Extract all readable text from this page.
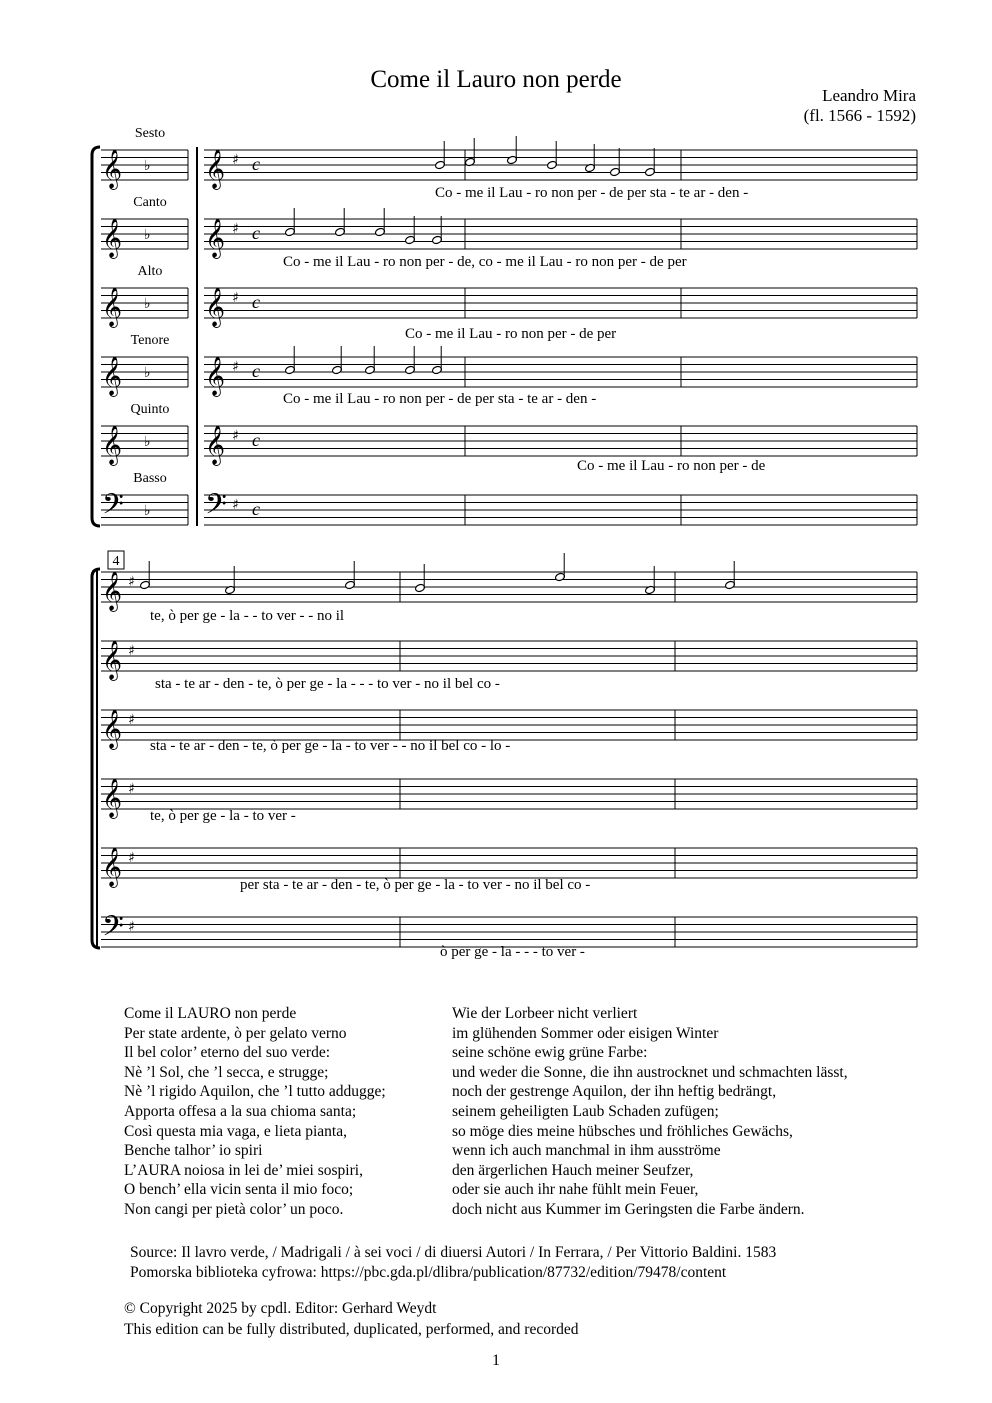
Come il Lauro non perde
Leandro Mira
(fl. 1566 - 1592)
𝄞 ♭
Sesto
𝄞 ♯ c
𝄞 ♭
Canto
𝄞 ♯ c
𝄞 ♭
Alto
𝄞 ♯ c
𝄞 ♭
Tenore
𝄞 ♯ c
𝄞 ♭
Quinto
𝄞 ♯ c
𝄢 ♭
Basso
𝄢 ♯ c
Co - me il Lau - ro non per - de per sta - te ar - den -
Co - me il Lau - ro non per - de, co - me il Lau - ro non per - de per
Co - me il Lau - ro non per - de per
Co - me il Lau - ro non per - de per sta - te ar - den -
Co - me il Lau - ro non per - de
4
𝄞 ♯
𝄞 ♯
𝄞 ♯
𝄞 ♯
𝄞 ♯
𝄢 ♯
te, ò per ge - la - - to ver - - no il
sta - te ar - den - te, ò per ge - la - - - to ver - no il bel co -
sta - te ar - den - te, ò per ge - la - to ver - - no il bel co - lo -
te, ò per ge - la - to ver -
per sta - te ar - den - te, ò per ge - la - to ver - no il bel co -
ò per ge - la - - - to ver -
Come il LAURO non perde
Per state ardente, ò per gelato verno
Il bel color’ eterno del suo verde:
Nè ’l Sol, che ’l secca, e strugge;
Nè ’l rigido Aquilon, che ’l tutto addugge;
Apporta offesa a la sua chioma santa;
Così questa mia vaga, e lieta pianta,
Benche talhor’ io spiri
L’AURA noiosa in lei de’ miei sospiri,
O bench’ ella vicin senta il mio foco;
Non cangi per pietà color’ un poco.
Wie der Lorbeer nicht verliert
im glühenden Sommer oder eisigen Winter
seine schöne ewig grüne Farbe:
und weder die Sonne, die ihn austrocknet und schmachten lässt,
noch der gestrenge Aquilon, der ihn heftig bedrängt,
seinem geheiligten Laub Schaden zufügen;
so möge dies meine hübsches und fröhliches Gewächs,
wenn ich auch manchmal in ihm ausströme
den ärgerlichen Hauch meiner Seufzer,
oder sie auch ihr nahe fühlt mein Feuer,
doch nicht aus Kummer im Geringsten die Farbe ändern.
Source: Il lavro verde, / Madrigali / à sei voci / di diuersi Autori / In Ferrara, / Per Vittorio Baldini. 1583
Pomorska biblioteka cyfrowa: https://pbc.gda.pl/dlibra/publication/87732/edition/79478/content
© Copyright 2025 by cpdl. Editor: Gerhard Weydt
This edition can be fully distributed, duplicated, performed, and recorded
1
